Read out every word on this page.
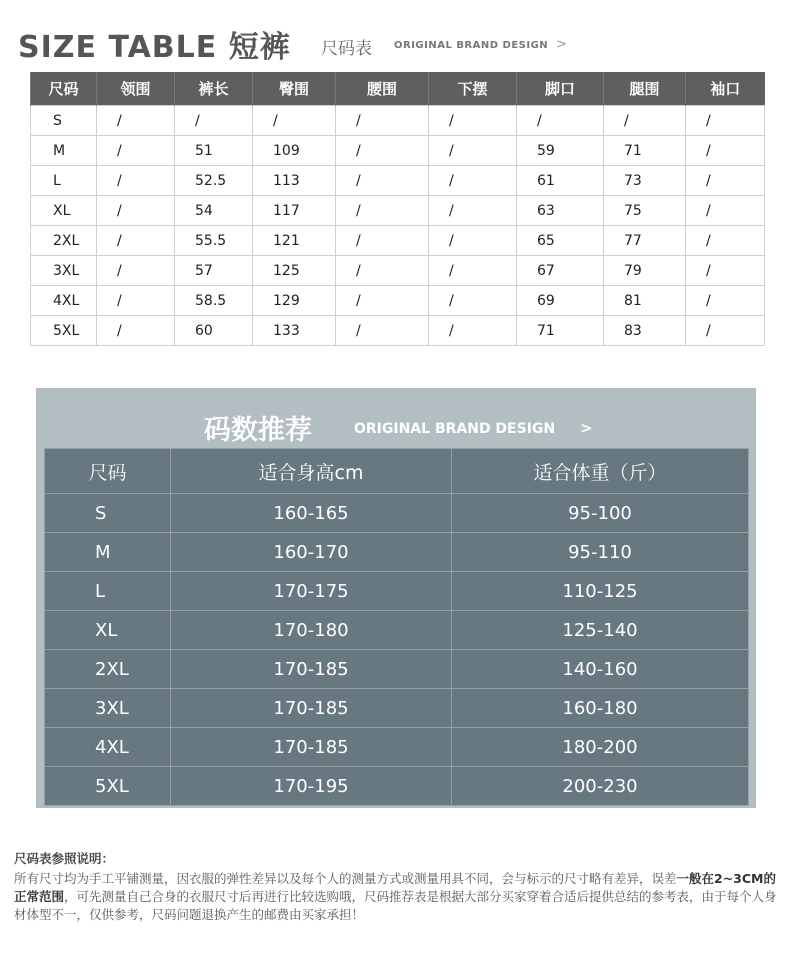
SIZE TABLE 短裤 尺码表 ORIGINAL BRAND DESIGN >
尺码	领围	裤长	臀围	腰围	下摆	脚口	腿围	袖口
S	/	/	/	/	/	/	/	/
M	/	51	109	/	/	59	71	/
L	/	52.5	113	/	/	61	73	/
XL	/	54	117	/	/	63	75	/
2XL	/	55.5	121	/	/	65	77	/
3XL	/	57	125	/	/	67	79	/
4XL	/	58.5	129	/	/	69	81	/
5XL	/	60	133	/	/	71	83	/
码数推荐	ORIGINAL BRAND DESIGN >
尺码	适合身高cm	适合体重（斤）
S	160-165	95-100
M	160-170	95-110
L	170-175	110-125
XL	170-180	125-140
2XL	170-185	140-160
3XL	170-185	160-180
4XL	170-185	180-200
5XL	170-195	200-230
尺码表参照说明：
所有尺寸均为手工平铺测量，因衣服的弹性差异以及每个人的测量方式或测量用具不同，会与标示的尺寸略有差异，误差一般在2~3CM的正常范围，可先测量自己合身的衣服尺寸后再进行比较选购哦，尺码推荐表是根据大部分买家穿着合适后提供总结的参考表，由于每个人身材体型不一，仅供参考，尺码问题退换产生的邮费由买家承担！
